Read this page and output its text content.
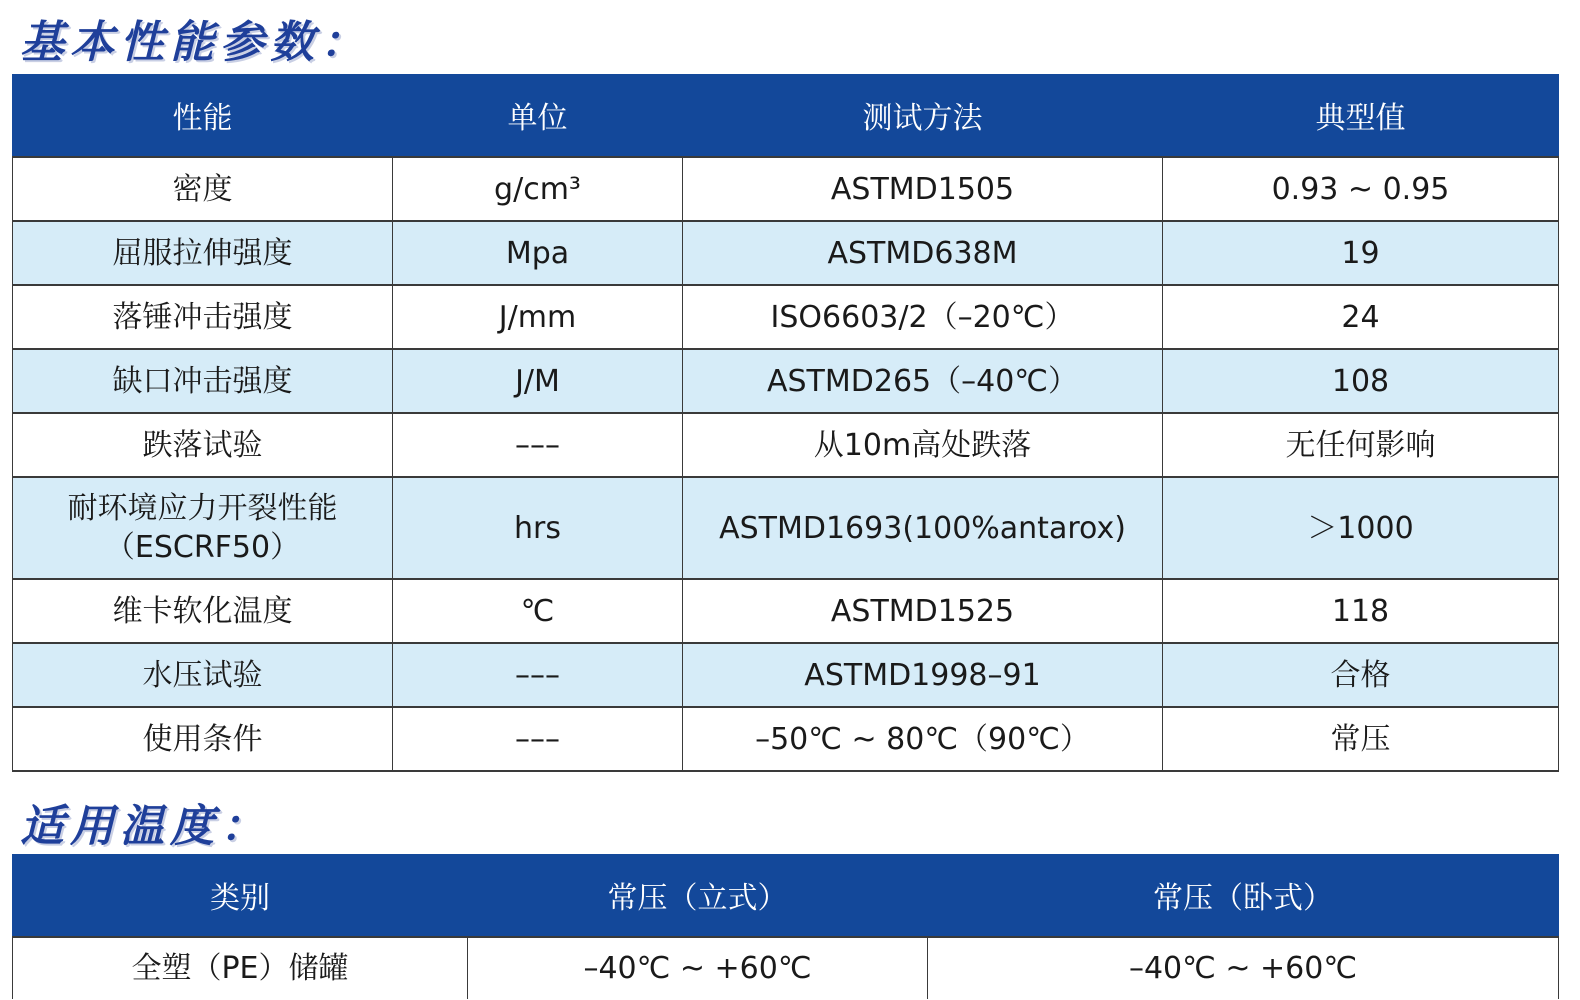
基本性能参数：
性能	单位	测试方法	典型值
密度	g/cm³	ASTMD1505	0.93 ~ 0.95
屈服拉伸强度	Mpa	ASTMD638M	19
落锤冲击强度	J/mm	ISO6603/2（–20℃）	24
缺口冲击强度	J/M	ASTMD265（–40℃）	108
跌落试验	–––	从10m高处跌落	无任何影响

耐环境应力开裂性能
（ESCRF50）	hrs	ASTMD1693(100%antarox)	＞1000
维卡软化温度	℃	ASTMD1525	118
水压试验	–––	ASTMD1998–91	合格
使用条件	–––	–50℃ ~ 80℃（90℃）	常压
适用温度：
类别	常压（立式）	常压（卧式）
全塑（PE）储罐	–40℃ ~ +60℃	–40℃ ~ +60℃
